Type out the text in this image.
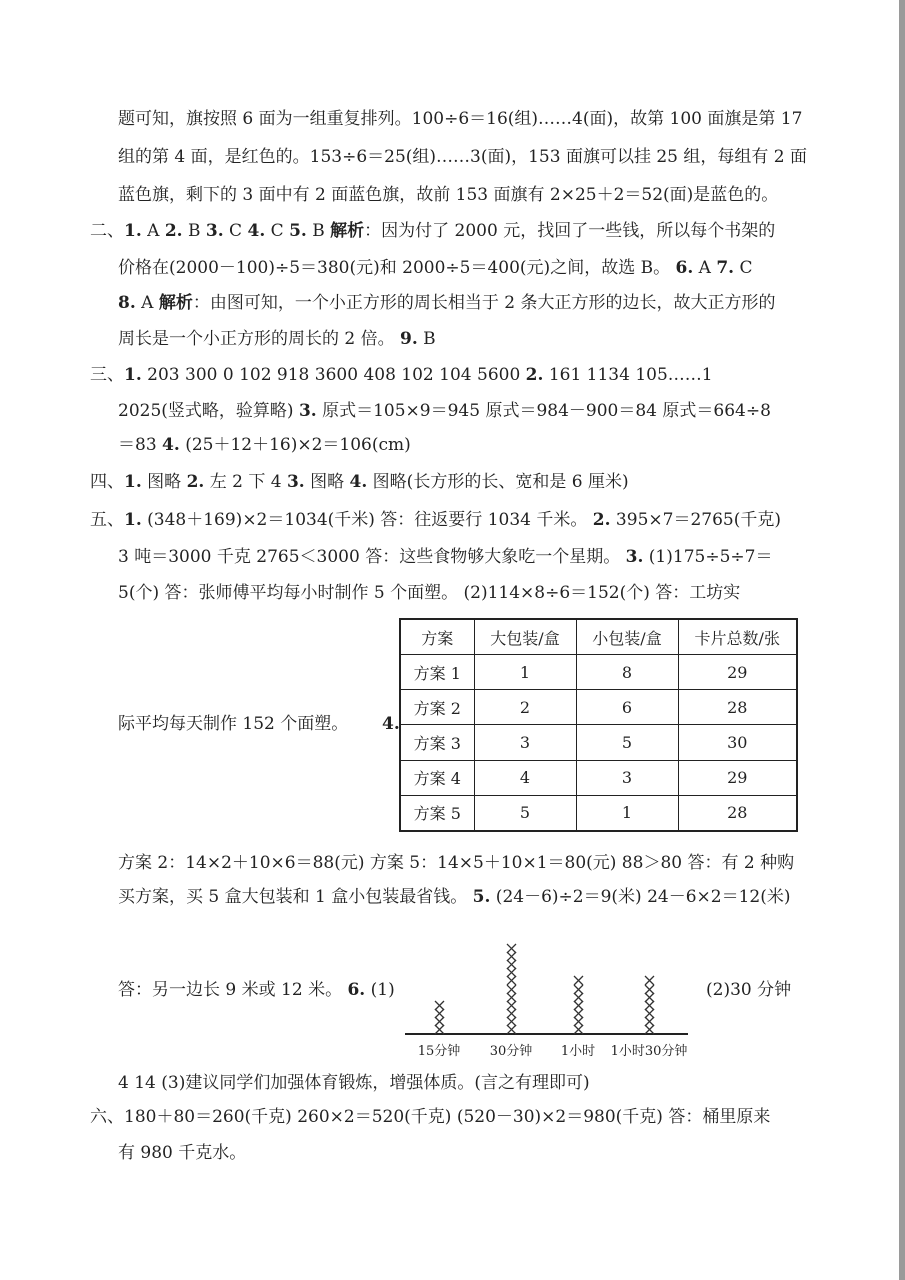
题可知，旗按照 6 面为一组重复排列。100÷6＝16(组)……4(面)，故第 100 面旗是第 17
组的第 4 面，是红色的。153÷6＝25(组)……3(面)，153 面旗可以挂 25 组，每组有 2 面
蓝色旗，剩下的 3 面中有 2 面蓝色旗，故前 153 面旗有 2×25＋2＝52(面)是蓝色的。
二、1. A 2. B 3. C 4. C 5. B 解析：因为付了 2000 元，找回了一些钱，所以每个书架的
价格在(2000－100)÷5＝380(元)和 2000÷5＝400(元)之间，故选 B。 6. A 7. C
8. A 解析：由图可知，一个小正方形的周长相当于 2 条大正方形的边长，故大正方形的
周长是一个小正方形的周长的 2 倍。 9. B
三、1. 203 300 0 102 918 3600 408 102 104 5600 2. 161 1134 105……1
2025(竖式略，验算略) 3. 原式＝105×9＝945 原式＝984－900＝84 原式＝664÷8
＝83 4. (25＋12＋16)×2＝106(cm)
四、1. 图略 2. 左 2 下 4 3. 图略 4. 图略(长方形的长、宽和是 6 厘米)
五、1. (348＋169)×2＝1034(千米) 答：往返要行 1034 千米。 2. 395×7＝2765(千克)
3 吨＝3000 千克 2765＜3000 答：这些食物够大象吃一个星期。 3. (1)175÷5÷7＝
5(个) 答：张师傅平均每小时制作 5 个面塑。 (2)114×8÷6＝152(个) 答：工坊实
际平均每天制作 152 个面塑。 4.
方案	大包装/盒	小包装/盒	卡片总数/张
方案 1	1	8	29
方案 2	2	6	28
方案 3	3	5	30
方案 4	4	3	29
方案 5	5	1	28
方案 2：14×2＋10×6＝88(元) 方案 5：14×5＋10×1＝80(元) 88＞80 答：有 2 种购
买方案，买 5 盒大包装和 1 盒小包装最省钱。 5. (24－6)÷2＝9(米) 24－6×2＝12(米)
答：另一边长 9 米或 12 米。 6. (1)	(2)30 分钟
15分钟 30分钟 1小时 1小时30分钟
4 14 (3)建议同学们加强体育锻炼，增强体质。(言之有理即可)
六、180＋80＝260(千克) 260×2＝520(千克) (520－30)×2＝980(千克) 答：桶里原来
有 980 千克水。
